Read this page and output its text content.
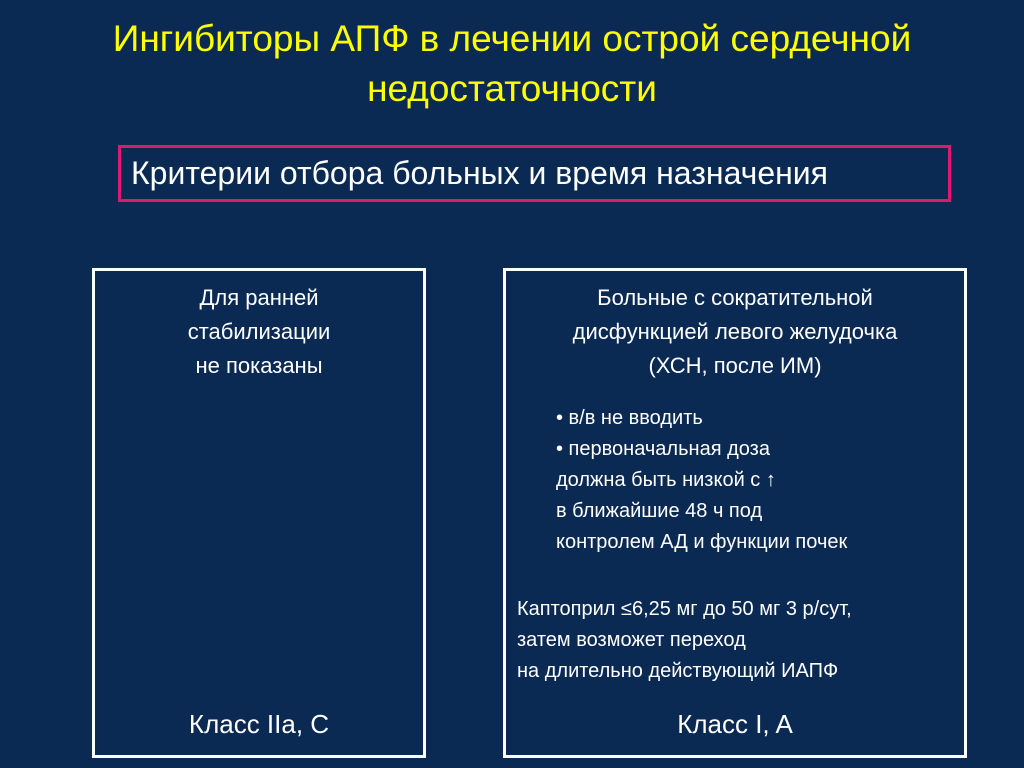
Ингибиторы АПФ в лечении острой сердечной
недостаточности
Критерии отбора больных и время назначения
Для ранней
стабилизации
не показаны
Класс IIa, C
Больные с сократительной
дисфункцией левого желудочка
(ХСН, после ИМ)
• в/в не вводить
• первоначальная доза
должна быть низкой с ↑
в ближайшие 48 ч под
контролем АД и функции почек
Каптоприл ≤6,25 мг до 50 мг 3 р/сут,
затем возможет переход
на длительно действующий ИАПФ
Класс I, A
